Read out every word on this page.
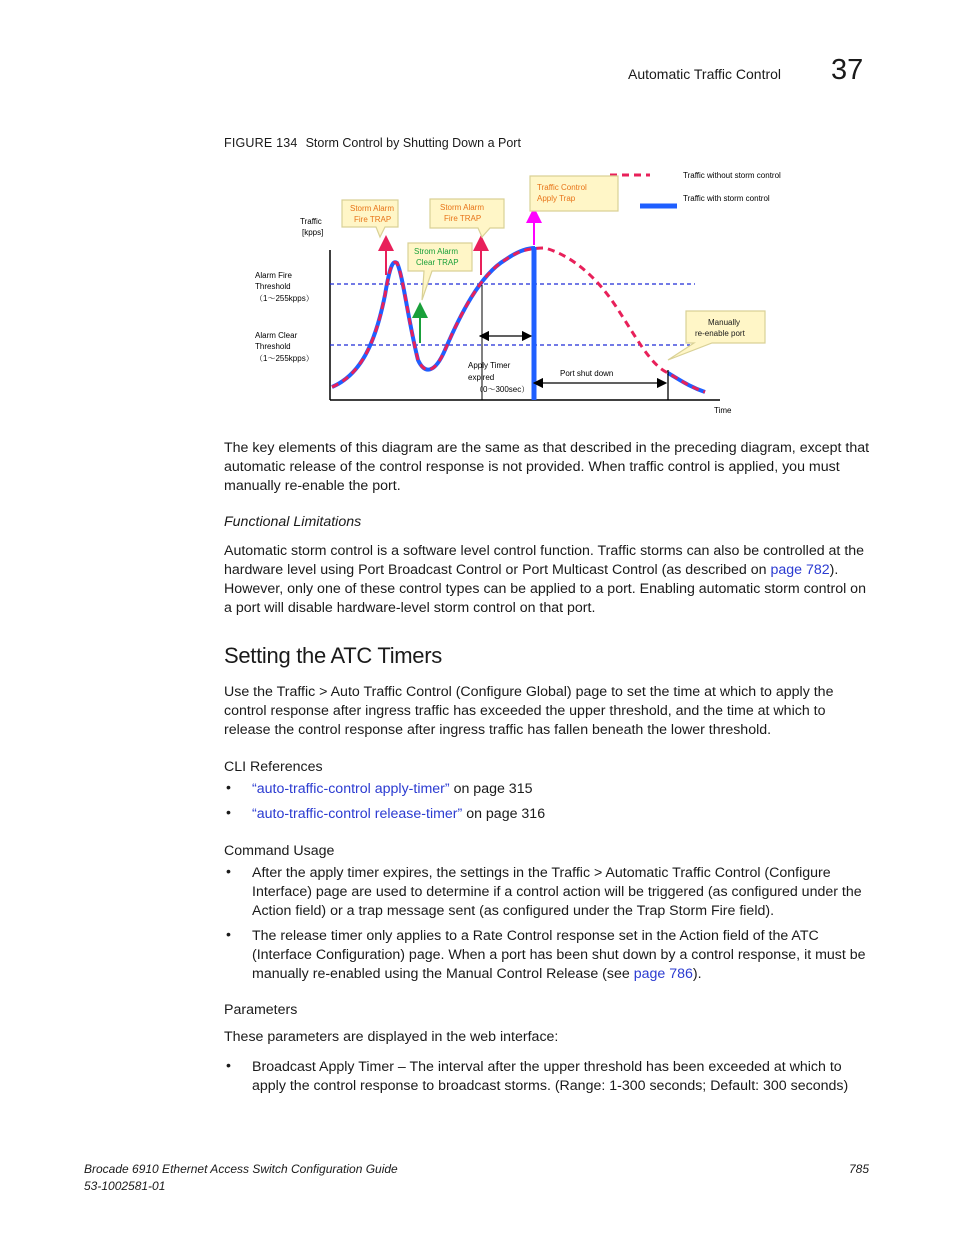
Automatic Traffic Control 37
FIGURE 134 Storm Control by Shutting Down a Port
Traffic without storm control
Traffic with storm control
Traffic [kpps]
Time
Alarm Fire Threshold （1～255kpps）
Alarm Clear Threshold （1～255kpps）
Apply Timer expired （0～300sec）
Port shut down
Storm Alarm Fire TRAP
Storm Alarm Fire TRAP
Strom Alarm Clear TRAP
Traffic Control Apply Trap
Manually re-enable port
The key elements of this diagram are the same as that described in the preceding diagram, except that automatic release of the control response is not provided. When traffic control is applied, you must manually re-enable the port.
Functional Limitations
Automatic storm control is a software level control function. Traffic storms can also be controlled at the hardware level using Port Broadcast Control or Port Multicast Control (as described on page 782). However, only one of these control types can be applied to a port. Enabling automatic storm control on a port will disable hardware-level storm control on that port.
Setting the ATC Timers
Use the Traffic > Auto Traffic Control (Configure Global) page to set the time at which to apply the control response after ingress traffic has exceeded the upper threshold, and the time at which to release the control response after ingress traffic has fallen beneath the lower threshold.
CLI References
• “auto-traffic-control apply-timer” on page 315
• “auto-traffic-control release-timer” on page 316
Command Usage
• After the apply timer expires, the settings in the Traffic > Automatic Traffic Control (Configure Interface) page are used to determine if a control action will be triggered (as configured under the Action field) or a trap message sent (as configured under the Trap Storm Fire field).
• The release timer only applies to a Rate Control response set in the Action field of the ATC (Interface Configuration) page. When a port has been shut down by a control response, it must be manually re-enabled using the Manual Control Release (see page 786).
Parameters
These parameters are displayed in the web interface:
• Broadcast Apply Timer – The interval after the upper threshold has been exceeded at which to apply the control response to broadcast storms. (Range: 1-300 seconds; Default: 300 seconds)
Brocade 6910 Ethernet Access Switch Configuration Guide
53-1002581-01
785
